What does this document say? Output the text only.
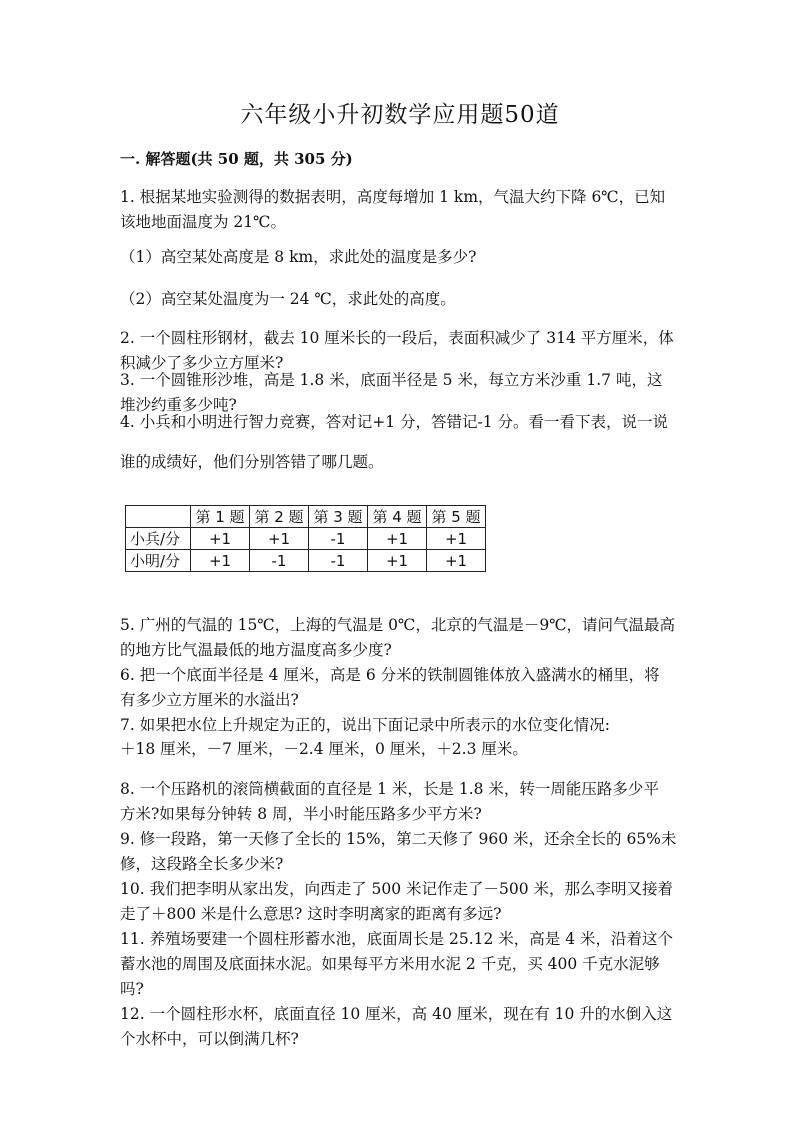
六年级小升初数学应用题50道
一. 解答题(共 50 题，共 305 分)
1. 根据某地实验测得的数据表明，高度每增加 1 km，气温大约下降 6℃，已知
该地地面温度为 21℃。
（1）高空某处高度是 8 km，求此处的温度是多少?
（2）高空某处温度为一 24 ℃，求此处的高度。
2. 一个圆柱形钢材，截去 10 厘米长的一段后，表面积减少了 314 平方厘米，体
积减少了多少立方厘米?
3. 一个圆锥形沙堆，高是 1.8 米，底面半径是 5 米，每立方米沙重 1.7 吨，这
堆沙约重多少吨?
4. 小兵和小明进行智力竞赛，答对记+1 分，答错记-1 分。看一看下表，说一说
谁的成绩好，他们分别答错了哪几题。
	第 1 题	第 2 题	第 3 题	第 4 题	第 5 题
小兵/分	+1	+1	-1	+1	+1
小明/分	+1	-1	-1	+1	+1
5. 广州的气温的 15℃，上海的气温是 0℃，北京的气温是－9℃，请问气温最高
的地方比气温最低的地方温度高多少度?
6. 把一个底面半径是 4 厘米，高是 6 分米的铁制圆锥体放入盛满水的桶里，将
有多少立方厘米的水溢出?
7. 如果把水位上升规定为正的，说出下面记录中所表示的水位变化情况:
＋18 厘米，－7 厘米，－2.4 厘米，0 厘米，＋2.3 厘米。
8. 一个压路机的滚筒横截面的直径是 1 米，长是 1.8 米，转一周能压路多少平
方米?如果每分钟转 8 周，半小时能压路多少平方米?
9. 修一段路，第一天修了全长的 15%，第二天修了 960 米，还余全长的 65%未
修，这段路全长多少米?
10. 我们把李明从家出发，向西走了 500 米记作走了－500 米，那么李明又接着
走了＋800 米是什么意思? 这时李明离家的距离有多远?
11. 养殖场要建一个圆柱形蓄水池，底面周长是 25.12 米，高是 4 米，沿着这个
蓄水池的周围及底面抹水泥。如果每平方米用水泥 2 千克，买 400 千克水泥够
吗?
12. 一个圆柱形水杯，底面直径 10 厘米，高 40 厘米，现在有 10 升的水倒入这
个水杯中，可以倒满几杯?
